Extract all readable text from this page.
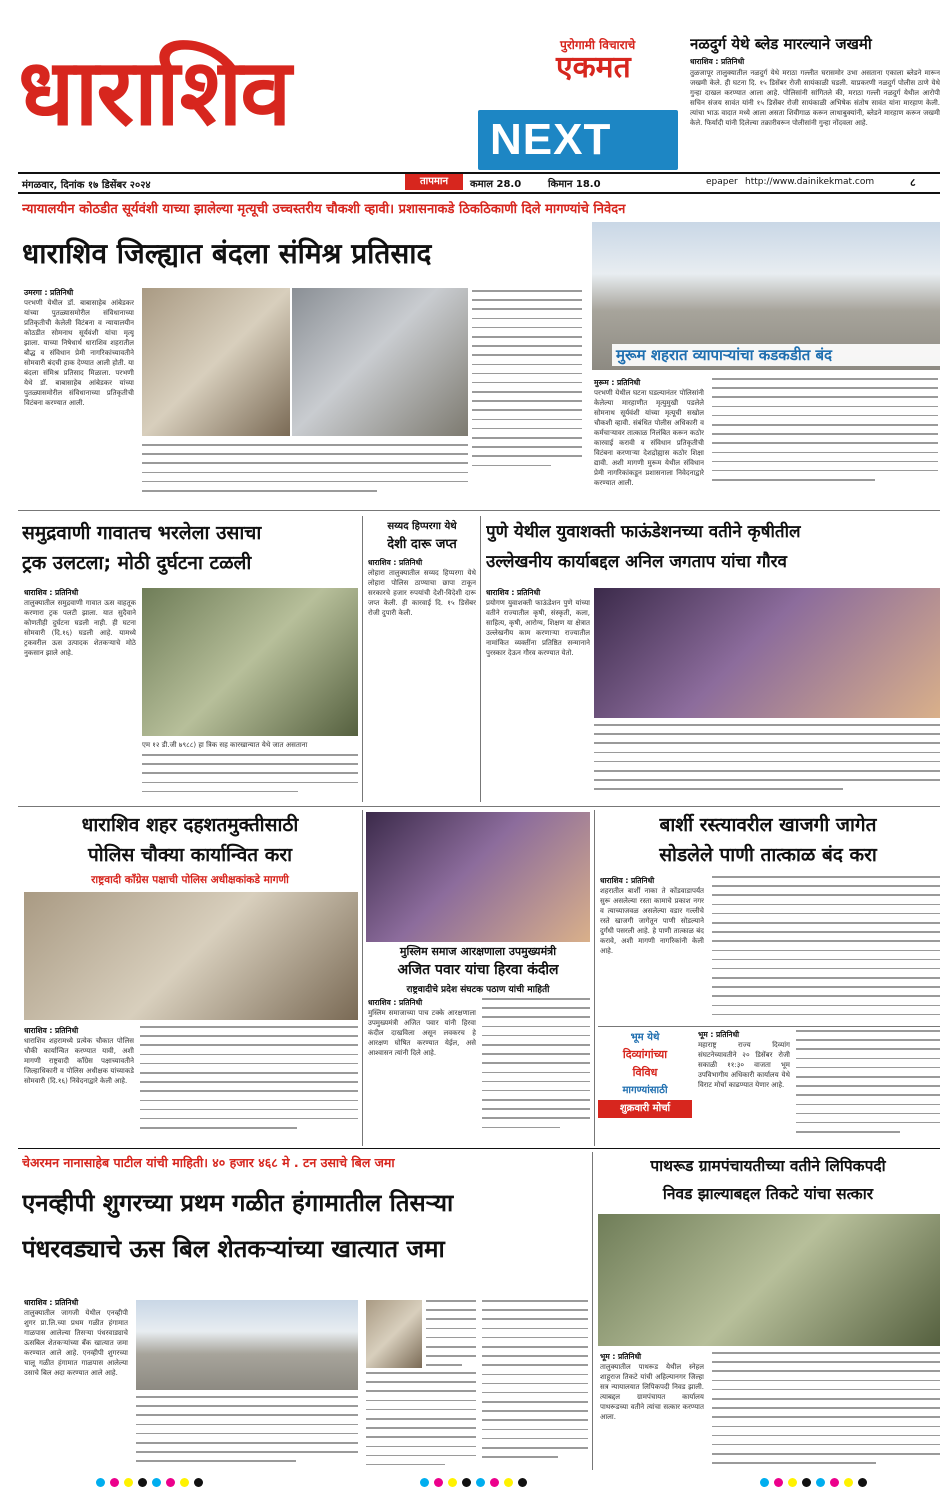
धाराशिव	पुरोगामी विचाराचे
एकमत
NEXT
नळदुर्ग येथे ब्लेड मारल्याने जखमी
धाराशिव : प्रतिनिधी
तुळजापूर तालुक्यातील नळदुर्ग येथे मराठा गल्लीत घरासमोर उभा असताना एकाला ब्लेडने मारून जखमी केले. ही घटना दि. १५ डिसेंबर रोजी सायंकाळी घडली. याप्रकरणी नळदुर्ग पोलीस ठाणे येथे गुन्हा दाखल करण्यात आला आहे. पोलिसांनी सांगितले की, मराठा गल्ली नळदुर्ग येथील आरोपी सचिन संजय सावंत यांनी १५ डिसेंबर रोजी सायंकाळी अभिषेक संतोष सावंत यांना मारहाण केली. त्यांचा भाऊ वादात मध्ये आला असता शिवीगाळ करून लाथाबुक्यांनी, ब्लेडने मारहाण करून जखमी केले. फिर्यादी यांनी दिलेल्या तक्रारीवरून पोलीसांनी गुन्हा नोंदवला आहे.
मंगळवार, दिनांक १७ डिसेंबर २०२४	तापमान	कमाल 28.0	किमान 18.0	epaper http://www.dainikekmat.com	८
न्यायालयीन कोठडीत सूर्यवंशी याच्या झालेल्या मृत्यूची उच्चस्तरीय चौकशी व्हावी। प्रशासनाकडे ठिकठिकाणी दिले मागण्यांचे निवेदन
धाराशिव जिल्ह्यात बंदला संमिश्र प्रतिसाद
उमरगा : प्रतिनिधी
परभणी येथील डॉ. बाबासाहेब आंबेडकर यांच्या पुतळ्यासमोरील संविधानाच्या प्रतिकृतीची केलेली विटंबना व न्यायालयीन कोठडीत सोमनाथ सूर्यवंशी यांचा मृत्यू झाला. याच्या निषेधार्थ धाराशिव शहरातील बौद्ध व संविधान प्रेमी नागरिकांच्यावतीने सोमवारी बंदची हाक देण्यात आली होती. या बंदला संमिश्र प्रतिसाद मिळाला. परभणी येथे डॉ. बाबासाहेब आंबेडकर यांच्या पुतळ्यासमोरील संविधानाच्या प्रतिकृतीची विटंबना करण्यात आली.
मुरूम शहरात व्यापाऱ्यांचा कडकडीत बंद
मुरूम : प्रतिनिधी
परभणी येथील घटना घडल्यानंतर पोलिसांनी केलेल्या मारहाणीत मृत्युमुखी पडलेले सोमनाथ सूर्यवंशी यांच्या मृत्यूची सखोल चौकशी व्हावी. संबंधित पोलीस अधिकारी व कर्मचाऱ्यावर तात्काळ निलंबित करून कठोर कारवाई करावी व संविधान प्रतिकृतीची विटंबना करणाऱ्या देशद्रोह्यास कठोर शिक्षा द्यावी. अशी मागणी मुरूम येथील संविधान प्रेमी नागरिकांकडून प्रशासनाला निवेदनाद्वारे करण्यात आली.
समुद्रवाणी गावातच भरलेला उसाचा
ट्रक उलटला; मोठी दुर्घटना टळली
धाराशिव : प्रतिनिधी
तालुक्यातील समुद्रवाणी गावात ऊस वाहतूक करणारा ट्रक पलटी झाला. यात सुदैवाने कोणतीही दुर्घटना घडली नाही. ही घटना सोमवारी (दि.१६) घडली आहे. यामध्ये ट्रकवरील ऊस उत्पादक शेतकऱ्याचे मोठे नुकसान झाले आहे.
एम १२ डी.जी ७९८८) हा त्रिक सह कारखान्यात येथे जात असताना
सय्यद हिप्परगा येथे
देशी दारू जप्त
धाराशिव : प्रतिनिधी
लोहारा तालुक्यातील सय्यद हिप्परगा येथे लोहारा पोलिस ठाण्याचा छापा टाकून सरकारचे हजार रुपयांची देशी-विदेशी दारू जप्त केली. ही कारवाई दि. १५ डिसेंबर रोजी दुपारी केली.
पुणे येथील युवाशक्ती फाऊंडेशनच्या वतीने कृषीतील
उल्लेखनीय कार्याबद्दल अनिल जगताप यांचा गौरव
धाराशिव : प्रतिनिधी
प्रयोगण युवाशक्ती फाऊंडेशन पुणे यांच्या वतीने राज्यातील कृषी, संस्कृती, कला, साहित्य, कृषी, आरोग्य, शिक्षण या क्षेत्रात उल्लेखनीय काम करणाऱ्या राज्यातील नामांकित व्यक्तींना प्रतिष्ठित सन्मानाने पुरस्कार देऊन गौरव करण्यात येतो.
धाराशिव शहर दहशतमुक्तीसाठी
पोलिस चौक्या कार्यान्वित करा
राष्ट्रवादी काँग्रेस पक्षाची पोलिस अधीक्षकांकडे मागणी
धाराशिव : प्रतिनिधी
धाराशिव शहरामध्ये प्रत्येक चौकात पोलिस चौकी कार्यान्वित करण्यात यावी, अशी मागणी राष्ट्रवादी काँग्रेस पक्षाच्यावतीने जिल्हाधिकारी व पोलिस अधीक्षक यांच्याकडे सोमवारी (दि.१६) निवेदनाद्वारे केली आहे.
मुस्लिम समाज आरक्षणाला उपमुख्यमंत्री
अजित पवार यांचा हिरवा कंदील
राष्ट्रवादीचे प्रदेश संघटक पठाण यांची माहिती
धाराशिव : प्रतिनिधी
मुस्लिम समाजाच्या पाच टक्के आरक्षणाला उपमुख्यमंत्री अजित पवार यांनी हिरवा कंदील दाखविला असून लवकरच हे आरक्षण घोषित करण्यात येईल, असे आश्वासन त्यांनी दिले आहे.
बार्शी रस्त्यावरील खाजगी जागेत
सोडलेले पाणी तात्काळ बंद करा
धाराशिव : प्रतिनिधी
शहरातील बार्शी नाका ते कोंडवाडापर्यंत सुरू असलेल्या रस्ता कामाचे प्रकाश नगर व त्याच्याजवळ असलेल्या वडार गल्लीचे रस्ते खाजगी जागेतून पाणी सोडल्याने दुर्गंधी पसरली आहे. हे पाणी तात्काळ बंद करावे, अशी मागणी नागरिकांनी केली आहे.
भूम येथे
दिव्यांगांच्या
विविध
मागण्यांसाठी
शुक्रवारी मोर्चा
भूम : प्रतिनिधी
महाराष्ट्र राज्य दिव्यांग संघटनेच्यावतीने २० डिसेंबर रोजी सकाळी ११:३० वाजता भूम उपविभागीय अधिकारी कार्यालय येथे विराट मोर्चा काढण्यात येणार आहे.
चेअरमन नानासाहेब पाटील यांची माहिती। ४० हजार ४६८ मे . टन उसाचे बिल जमा
एनव्हीपी शुगरच्या प्रथम गळीत हंगामातील तिसऱ्या
पंधरवड्याचे ऊस बिल शेतकऱ्यांच्या खात्यात जमा
धाराशिव : प्रतिनिधी
तालुक्यातील जागजी येथील एनव्हीपी शुगर प्रा.लि.च्या प्रथम गळीत हंगामात गाळपास आलेल्या तिसऱ्या पंधरवाड्याचे ऊसबिल शेतकऱ्यांच्या बँक खात्यात जमा करण्यात आले आहे. एनव्हीपी शुगरच्या चालू गळीत हंगामात गाळपास आलेल्या उसाचे बिल अदा करण्यात आले आहे.
पाथरूड ग्रामपंचायतीच्या वतीने लिपिकपदी
निवड झाल्याबद्दल तिकटे यांचा सत्कार
भूम : प्रतिनिधी
तालुक्यातील पाथरूड येथील स्नेहल शाहूराज तिकटे यांची अहिल्यानगर जिल्हा सत्र न्यायालयात लिपिकपदी निवड झाली. त्याबद्दल ग्रामपंचायत कार्यालय पाथरूडच्या वतीने त्यांचा सत्कार करण्यात आला.
